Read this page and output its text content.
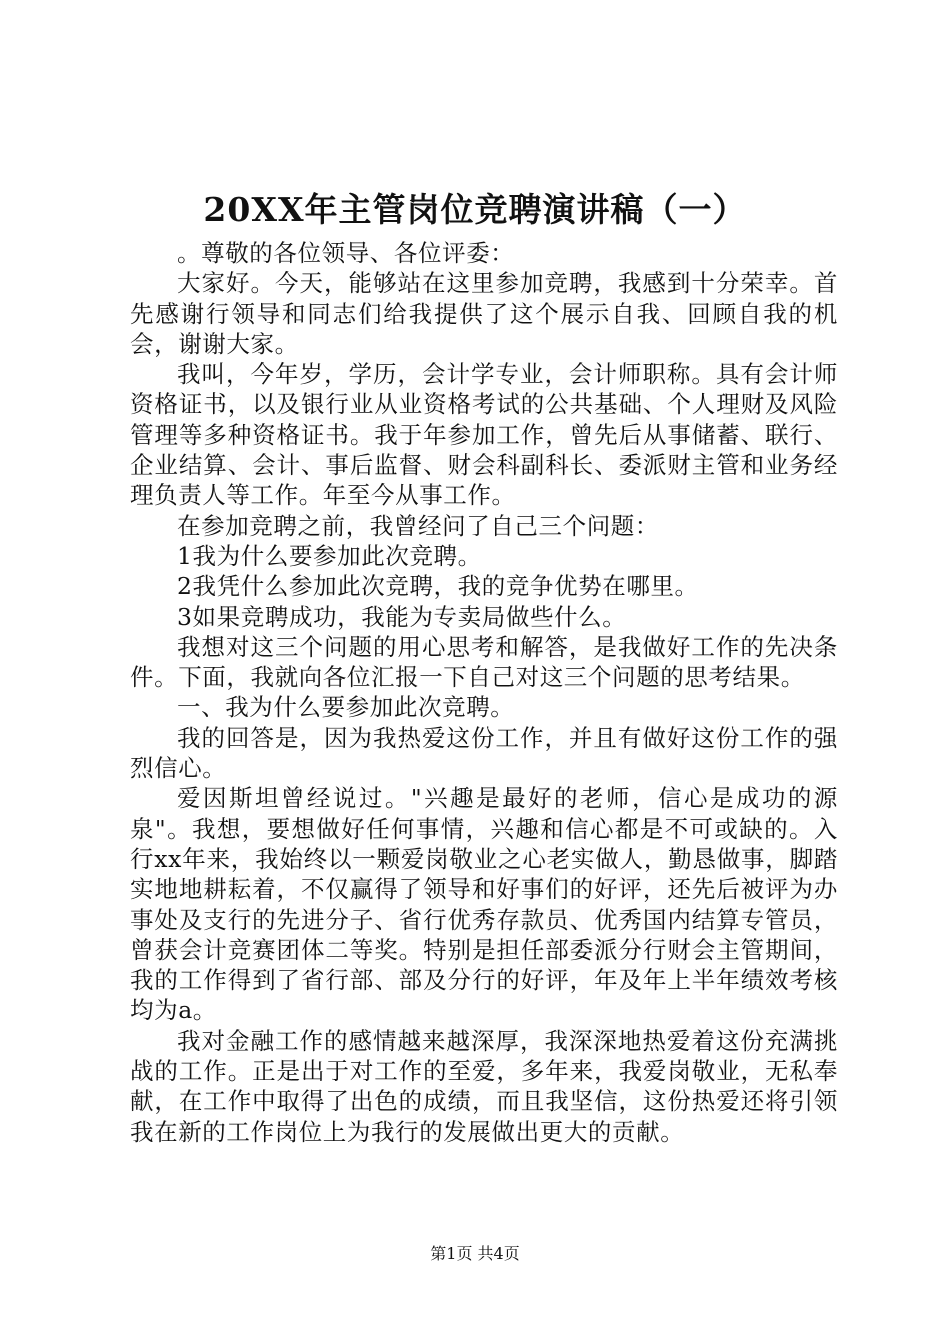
20XX年主管岗位竞聘演讲稿（一）

。尊敬的各位领导、各位评委：

大家好。今天，能够站在这里参加竞聘，我感到十分荣幸。首先感谢行领导和同志们给我提供了这个展示自我、回顾自我的机会，谢谢大家。

我叫，今年岁，学历，会计学专业，会计师职称。具有会计师资格证书，以及银行业从业资格考试的公共基础、个人理财及风险管理等多种资格证书。我于年参加工作，曾先后从事储蓄、联行、企业结算、会计、事后监督、财会科副科长、委派财主管和业务经理负责人等工作。年至今从事工作。

在参加竞聘之前，我曾经问了自己三个问题：

1我为什么要参加此次竞聘。

2我凭什么参加此次竞聘，我的竞争优势在哪里。

3如果竞聘成功，我能为专卖局做些什么。

我想对这三个问题的用心思考和解答，是我做好工作的先决条件。下面，我就向各位汇报一下自己对这三个问题的思考结果。

一、我为什么要参加此次竞聘。

我的回答是，因为我热爱这份工作，并且有做好这份工作的强烈信心。

爱因斯坦曾经说过。"兴趣是最好的老师，信心是成功的源泉"。我想，要想做好任何事情，兴趣和信心都是不可或缺的。入行xx年来，我始终以一颗爱岗敬业之心老实做人，勤恳做事，脚踏实地地耕耘着，不仅赢得了领导和好事们的好评，还先后被评为办事处及支行的先进分子、省行优秀存款员、优秀国内结算专管员，曾获会计竞赛团体二等奖。特别是担任部委派分行财会主管期间，我的工作得到了省行部、部及分行的好评，年及年上半年绩效考核均为a。

我对金融工作的感情越来越深厚，我深深地热爱着这份充满挑战的工作。正是出于对工作的至爱，多年来，我爱岗敬业，无私奉献，在工作中取得了出色的成绩，而且我坚信，这份热爱还将引领我在新的工作岗位上为我行的发展做出更大的贡献。

第1页 共4页
